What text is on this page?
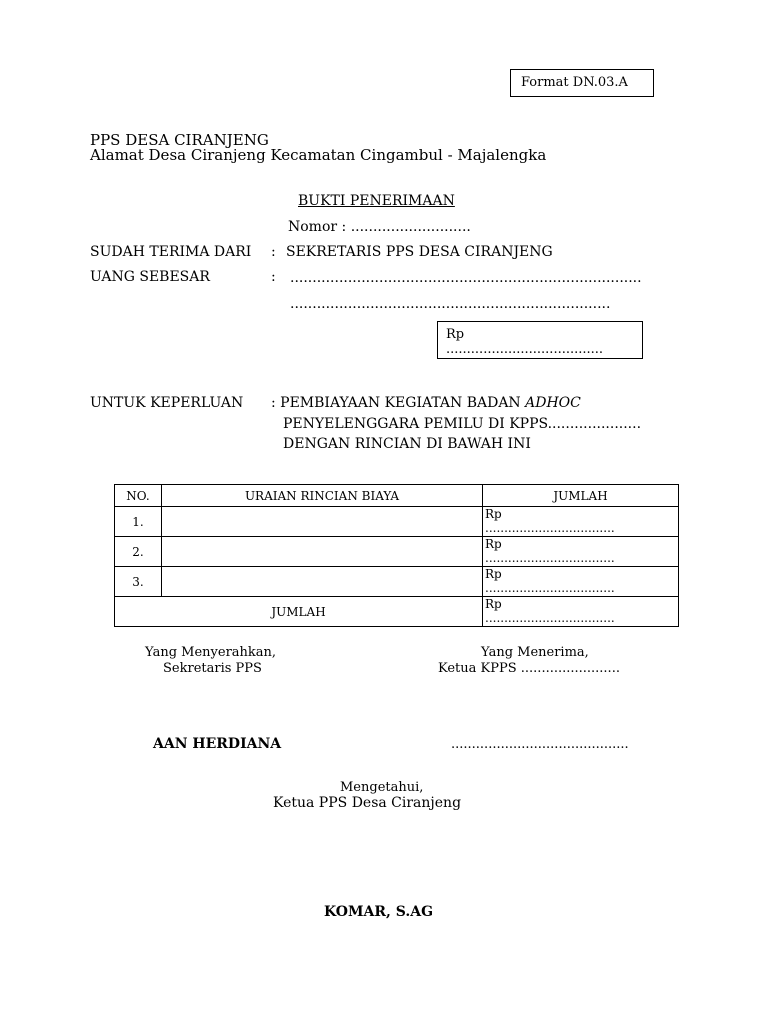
Format DN.03.A
PPS DESA CIRANJENG
Alamat Desa Ciranjeng Kecamatan Cingambul - Majalengka
BUKTI PENERIMAAN
Nomor : ...........................
SUDAH TERIMA DARI : SEKRETARIS PPS DESA CIRANJENG
UANG SEBESAR	: ...............................................................................
........................................................................
Rp
......................................
UNTUK KEPERLUAN : PEMBIAYAAN KEGIATAN BADAN ADHOC
PENYELENGGARA PEMILU DI KPPS.....................
DENGAN RINCIAN DI BAWAH INI
NO.	URAIAN RINCIAN BIAYA	JUMLAH
1.		Rp
..................................

2.		Rp
..................................

3.		Rp
..................................

JUMLAH		Rp
..................................
Yang Menyerahkan,
Sekretaris PPS
Yang Menerima,
Ketua KPPS ........................
AAN HERDIANA	...........................................
Mengetahui,
Ketua PPS Desa Ciranjeng
KOMAR, S.AG
